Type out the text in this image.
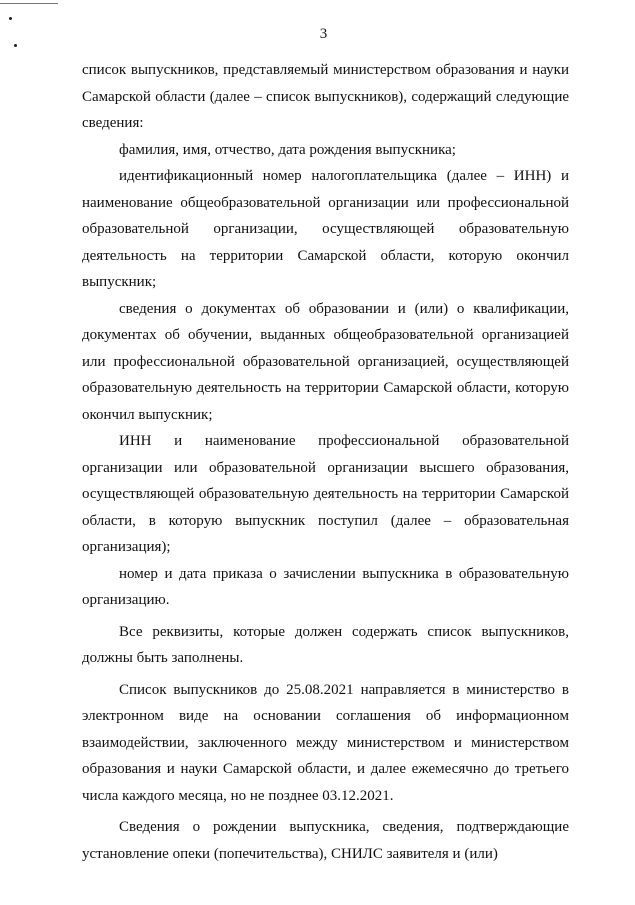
3

список выпускников, представляемый министерством образования и науки Самарской области (далее – список выпускников), содержащий следующие сведения:

фамилия, имя, отчество, дата рождения выпускника;

идентификационный номер налогоплательщика (далее – ИНН) и наименование общеобразовательной организации или профессиональной образовательной организации, осуществляющей образовательную деятельность на территории Самарской области, которую окончил выпускник;

сведения о документах об образовании и (или) о квалификации, документах об обучении, выданных общеобразовательной организацией или профессиональной образовательной организацией, осуществляющей образовательную деятельность на территории Самарской области, которую окончил выпускник;

ИНН и наименование профессиональной образовательной организации или образовательной организации высшего образования, осуществляющей образовательную деятельность на территории Самарской области, в которую выпускник поступил (далее – образовательная организация);

номер и дата приказа о зачислении выпускника в образовательную организацию.

Все реквизиты, которые должен содержать список выпускников, должны быть заполнены.

Список выпускников до 25.08.2021 направляется в министерство в электронном виде на основании соглашения об информационном взаимодействии, заключенного между министерством и министерством образования и науки Самарской области, и далее ежемесячно до третьего числа каждого месяца, но не позднее 03.12.2021.

Сведения о рождении выпускника, сведения, подтверждающие установление опеки (попечительства), СНИЛС заявителя и (или)
